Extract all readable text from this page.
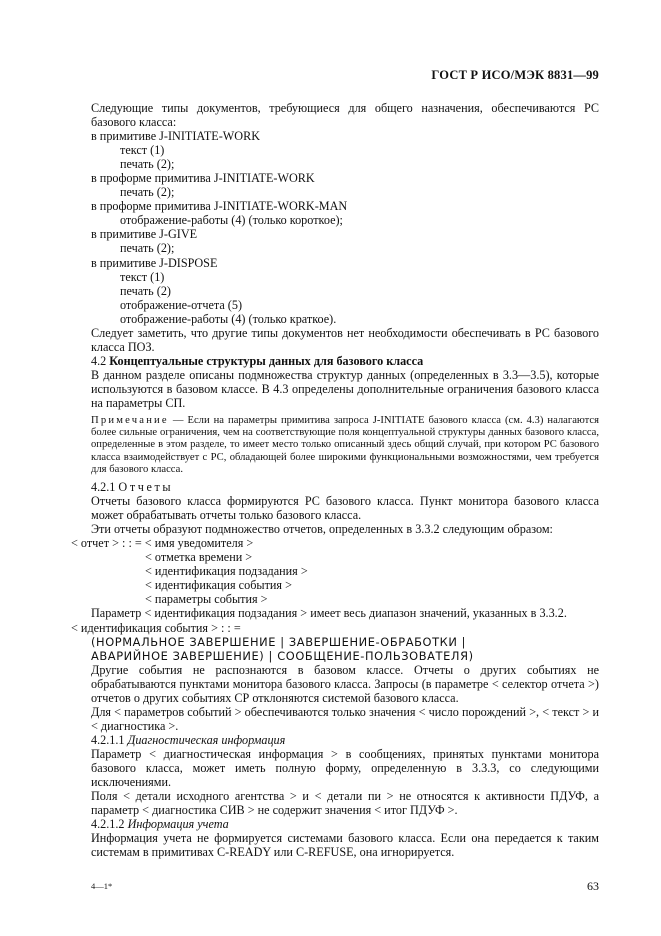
ГОСТ Р ИСО/МЭК 8831—99

Следующие типы документов, требующиеся для общего назначения, обеспечиваются РС базового класса:

в примитиве J-INITIATE-WORK
текст (1)
печать (2);
в проформе примитива J-INITIATE-WORK
печать (2);
в проформе примитива J-INITIATE-WORK-MAN
отображение-работы (4) (только короткое);
в примитиве J-GIVE
печать (2);
в примитиве J-DISPOSE
текст (1)
печать (2)
отображение-отчета (5)
отображение-работы (4) (только краткое).

Следует заметить, что другие типы документов нет необходимости обеспечивать в РС базового класса ПОЗ.

4.2 Концептуальные структуры данных для базового класса

В данном разделе описаны подмножества структур данных (определенных в 3.3—3.5), которые используются в базовом классе. В 4.3 определены дополнительные ограничения базового класса на параметры СП.

Примечание — Если на параметры примитива запроса J-INITIATE базового класса (см. 4.3) налагаются более сильные ограничения, чем на соответствующие поля концептуальной структуры данных базового класса, определенные в этом разделе, то имеет место только описанный здесь общий случай, при котором РС базового класса взаимодействует с РС, обладающей более широкими функциональными возможностями, чем требуется для базового класса.

4.2.1 Отчеты

Отчеты базового класса формируются РС базового класса. Пункт монитора базового класса может обрабатывать отчеты только базового класса.

Эти отчеты образуют подмножество отчетов, определенных в 3.3.2 следующим образом:

< отчет > : : = < имя уведомителя >

< отметка времени >
< идентификация подзадания >
< идентификация события >
< параметры события >

Параметр < идентификация подзадания > имеет весь диапазон значений, указанных в 3.3.2.

< идентификация события > : : =

(НОРМАЛЬНОЕ ЗАВЕРШЕНИЕ | ЗАВЕРШЕНИЕ-ОБРАБОТКИ |

АВАРИЙНОЕ ЗАВЕРШЕНИЕ) | СООБЩЕНИЕ-ПОЛЬЗОВАТЕЛЯ)

Другие события не распознаются в базовом классе. Отчеты о других событиях не обрабатываются пунктами монитора базового класса. Запросы (в параметре < селектор отчета >) отчетов о других событиях СР отклоняются системой базового класса.

Для < параметров событий > обеспечиваются только значения < число порождений >, < текст > и < диагностика >.

4.2.1.1 Диагностическая информация

Параметр < диагностическая информация > в сообщениях, принятых пунктами монитора базового класса, может иметь полную форму, определенную в 3.3.3, со следующими исключениями.

Поля < детали исходного агентства > и < детали пи > не относятся к активности ПДУФ, а параметр < диагностика СИВ > не содержит значения < итог ПДУФ >.

4.2.1.2 Информация учета

Информация учета не формируется системами базового класса. Если она передается к таким системам в примитивах C-READY или C-REFUSE, она игнорируется.

4—1*	63
